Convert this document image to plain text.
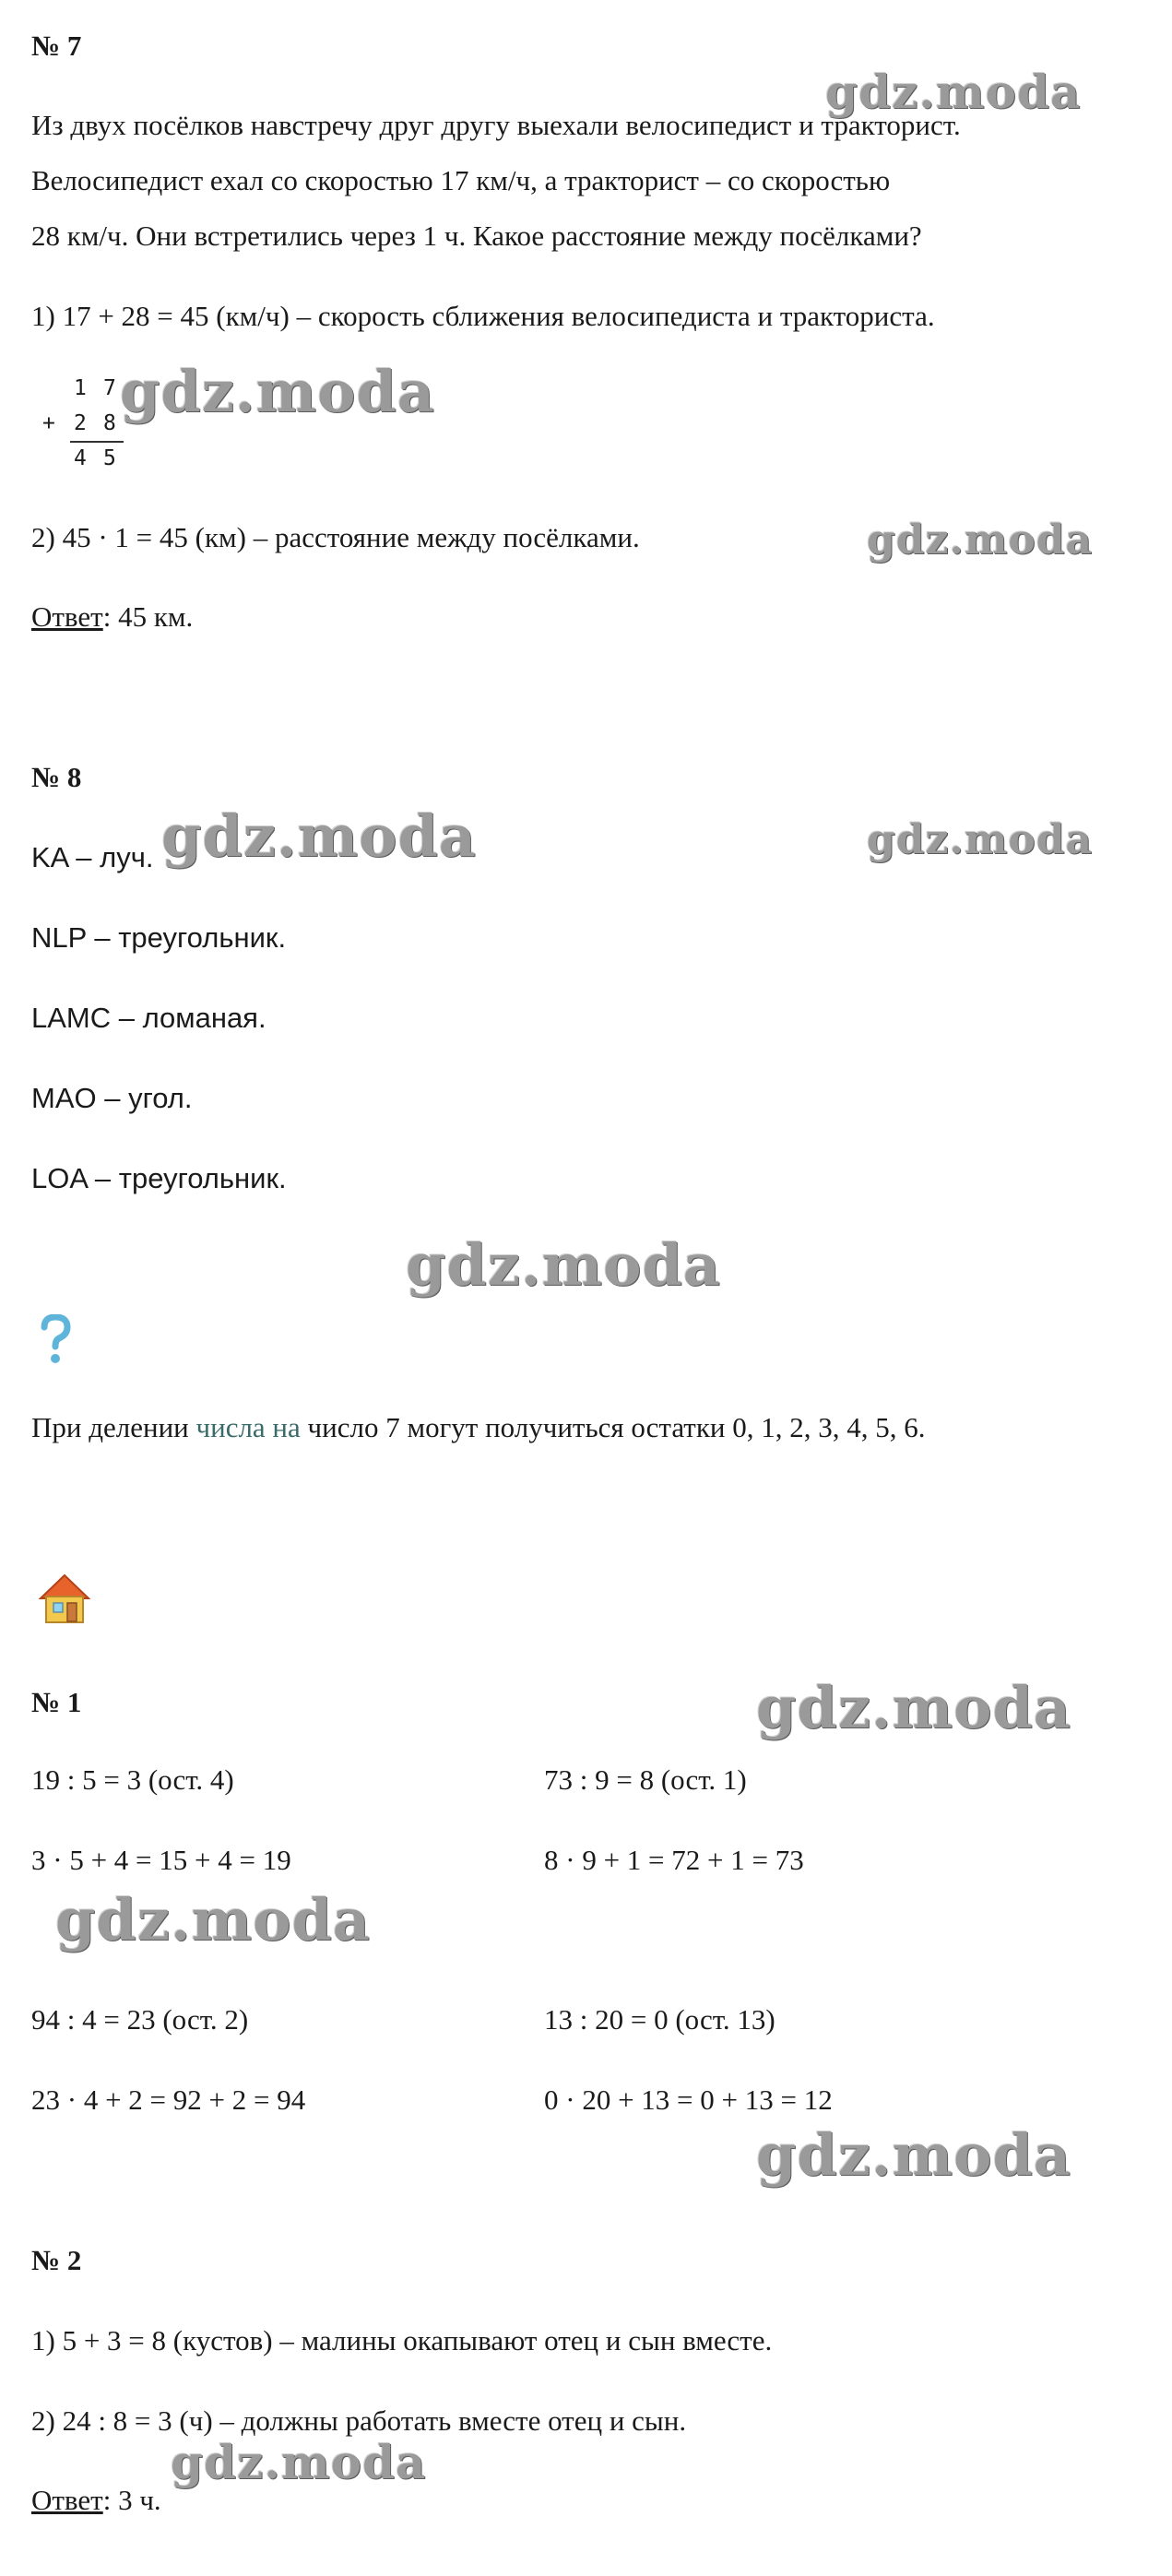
gdz.moda
gdz.moda
gdz.moda
gdz.moda	gdz.moda
gdz.moda
gdz.moda
gdz.moda
gdz.moda
gdz.moda
№ 7
Из двух посёлков навстречу друг другу выехали велосипедист и тракторист.
Велосипедист ехал со скоростью 17 км/ч, а тракторист – со скоростью
28 км/ч. Они встретились через 1 ч. Какое расстояние между посёлками?
1) 17 + 28 = 45 (км/ч) – скорость сближения велосипедиста и тракториста.
1 7
+ 2 8
4 5
2) 45 · 1 = 45 (км) – расстояние между посёлками.
Ответ: 45 км.
№ 8
KA – луч.
NLP – треугольник.
LAMC – ломаная.
MAO – угол.
LOA – треугольник.
При делении числа на число 7 могут получиться остатки 0, 1, 2, 3, 4, 5, 6.
№ 1
19 : 5 = 3 (ост. 4)	73 : 9 = 8 (ост. 1)
3 · 5 + 4 = 15 + 4 = 19	8 · 9 + 1 = 72 + 1 = 73
94 : 4 = 23 (ост. 2)	13 : 20 = 0 (ост. 13)
23 · 4 + 2 = 92 + 2 = 94	0 · 20 + 13 = 0 + 13 = 12
№ 2
1) 5 + 3 = 8 (кустов) – малины окапывают отец и сын вместе.
2) 24 : 8 = 3 (ч) – должны работать вместе отец и сын.
Ответ: 3 ч.
